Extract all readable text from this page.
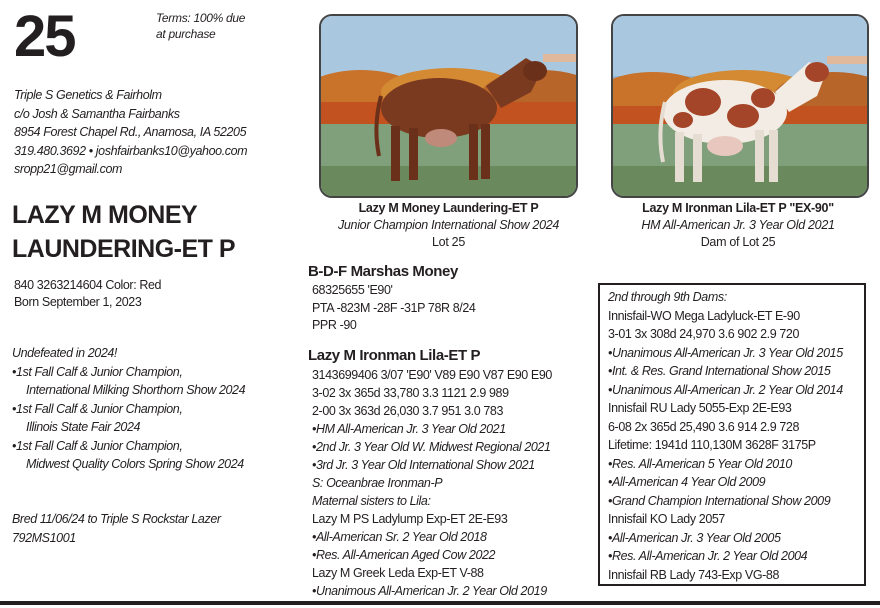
25	Terms: 100% due
at purchase
Triple S Genetics & Fairholm
c/o Josh & Samantha Fairbanks
8954 Forest Chapel Rd., Anamosa, IA 52205
319.480.3692 • joshfairbanks10@yahoo.com
sropp21@gmail.com
LAZY M MONEY
LAUNDERING-ET P
840 3263214604 Color: Red
Born September 1, 2023
Undefeated in 2024!
•1st Fall Calf & Junior Champion,
International Milking Shorthorn Show 2024
•1st Fall Calf & Junior Champion,
Illinois State Fair 2024
•1st Fall Calf & Junior Champion,
Midwest Quality Colors Spring Show 2024
Bred 11/06/24 to Triple S Rockstar Lazer
792MS1001
Lazy M Money Laundering-ET P
Junior Champion International Show 2024
Lot 25
Lazy M Ironman Lila-ET P "EX-90"
HM All-American Jr. 3 Year Old 2021
Dam of Lot 25
B-D-F Marshas Money
68325655 'E90'
PTA -823M -28F -31P 78R 8/24
PPR -90
Lazy M Ironman Lila-ET P
3143699406 3/07 'E90' V89 E90 V87 E90 E90
3-02 3x 365d 33,780 3.3 1121 2.9 989
2-00 3x 363d 26,030 3.7 951 3.0 783
•HM All-American Jr. 3 Year Old 2021
•2nd Jr. 3 Year Old W. Midwest Regional 2021
•3rd Jr. 3 Year Old International Show 2021
S: Oceanbrae Ironman-P
Maternal sisters to Lila:
Lazy M PS Ladylump Exp-ET 2E-E93
•All-American Sr. 2 Year Old 2018
•Res. All-American Aged Cow 2022
Lazy M Greek Leda Exp-ET V-88
•Unanimous All-American Jr. 2 Year Old 2019
2nd through 9th Dams:
Innisfail-WO Mega Ladyluck-ET E-90
3-01 3x 308d 24,970 3.6 902 2.9 720
•Unanimous All-American Jr. 3 Year Old 2015
•Int. & Res. Grand International Show 2015
•Unanimous All-American Jr. 2 Year Old 2014
Innisfail RU Lady 5055-Exp 2E-E93
6-08 2x 365d 25,490 3.6 914 2.9 728
Lifetime: 1941d 110,130M 3628F 3175P
•Res. All-American 5 Year Old 2010
•All-American 4 Year Old 2009
•Grand Champion International Show 2009
Innisfail KO Lady 2057
•All-American Jr. 3 Year Old 2005
•Res. All-American Jr. 2 Year Old 2004
Innisfail RB Lady 743-Exp VG-88
